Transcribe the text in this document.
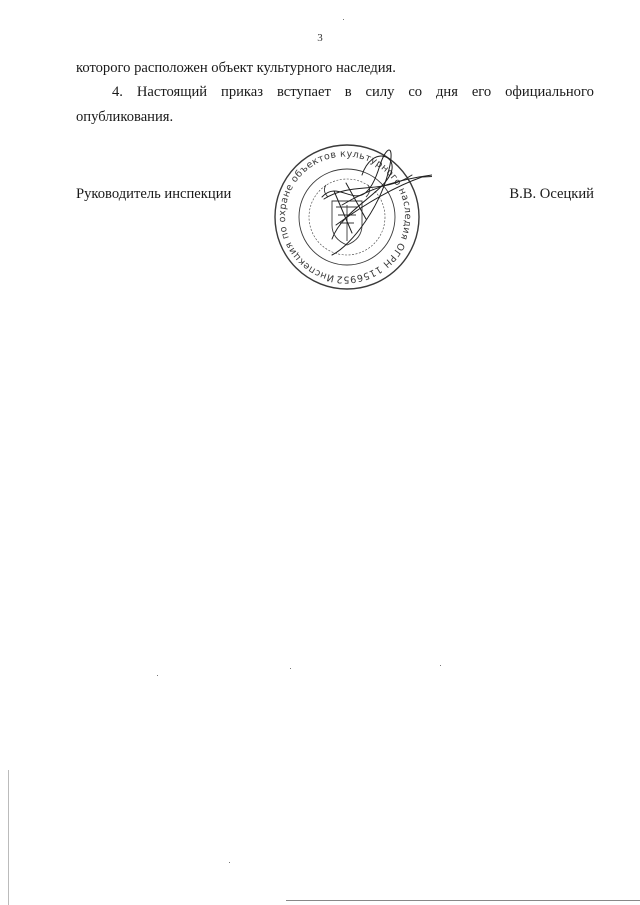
3
которого расположен объект культурного наследия.
4. Настоящий приказ вступает в силу со дня его официального
опубликования.
Руководитель инспекции
Инспекция по охране объектов культурного наследия ОГРН 1156952016967
В.В. Осецкий
